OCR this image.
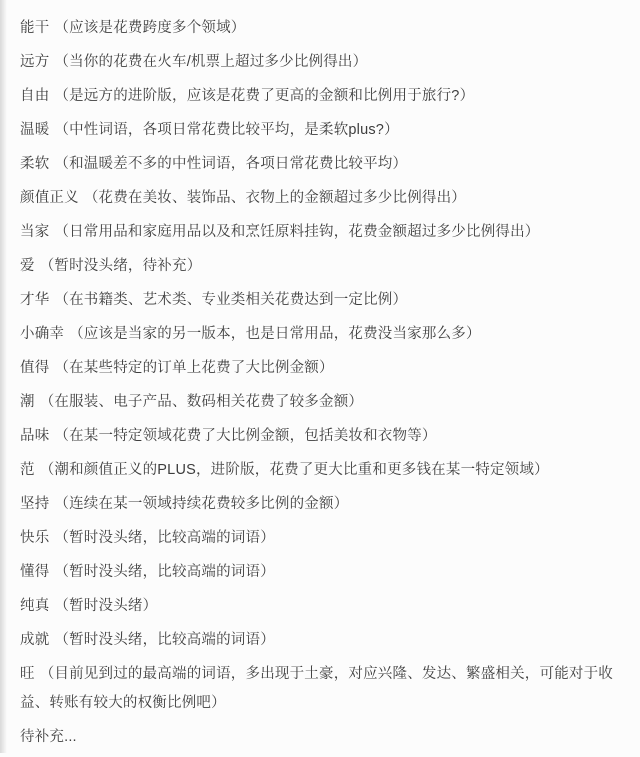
能干 （应该是花费跨度多个领域）

远方 （当你的花费在火车/机票上超过多少比例得出）

自由 （是远方的进阶版，应该是花费了更高的金额和比例用于旅行?）

温暖 （中性词语，各项日常花费比较平均，是柔软plus?）

柔软 （和温暖差不多的中性词语，各项日常花费比较平均）

颜值正义 （花费在美妆、装饰品、衣物上的金额超过多少比例得出）

当家 （日常用品和家庭用品以及和烹饪原料挂钩，花费金额超过多少比例得出）

爱 （暂时没头绪，待补充）

才华 （在书籍类、艺术类、专业类相关花费达到一定比例）

小确幸 （应该是当家的另一版本，也是日常用品，花费没当家那么多）

值得 （在某些特定的订单上花费了大比例金额）

潮 （在服装、电子产品、数码相关花费了较多金额）

品味 （在某一特定领域花费了大比例金额，包括美妆和衣物等）

范 （潮和颜值正义的PLUS，进阶版，花费了更大比重和更多钱在某一特定领域）

坚持 （连续在某一领域持续花费较多比例的金额）

快乐 （暂时没头绪，比较高端的词语）

懂得 （暂时没头绪，比较高端的词语）

纯真 （暂时没头绪）

成就 （暂时没头绪，比较高端的词语）

旺 （目前见到过的最高端的词语，多出现于土豪，对应兴隆、发达、繁盛相关，可能对于收益、转账有较大的权衡比例吧）

待补充...
